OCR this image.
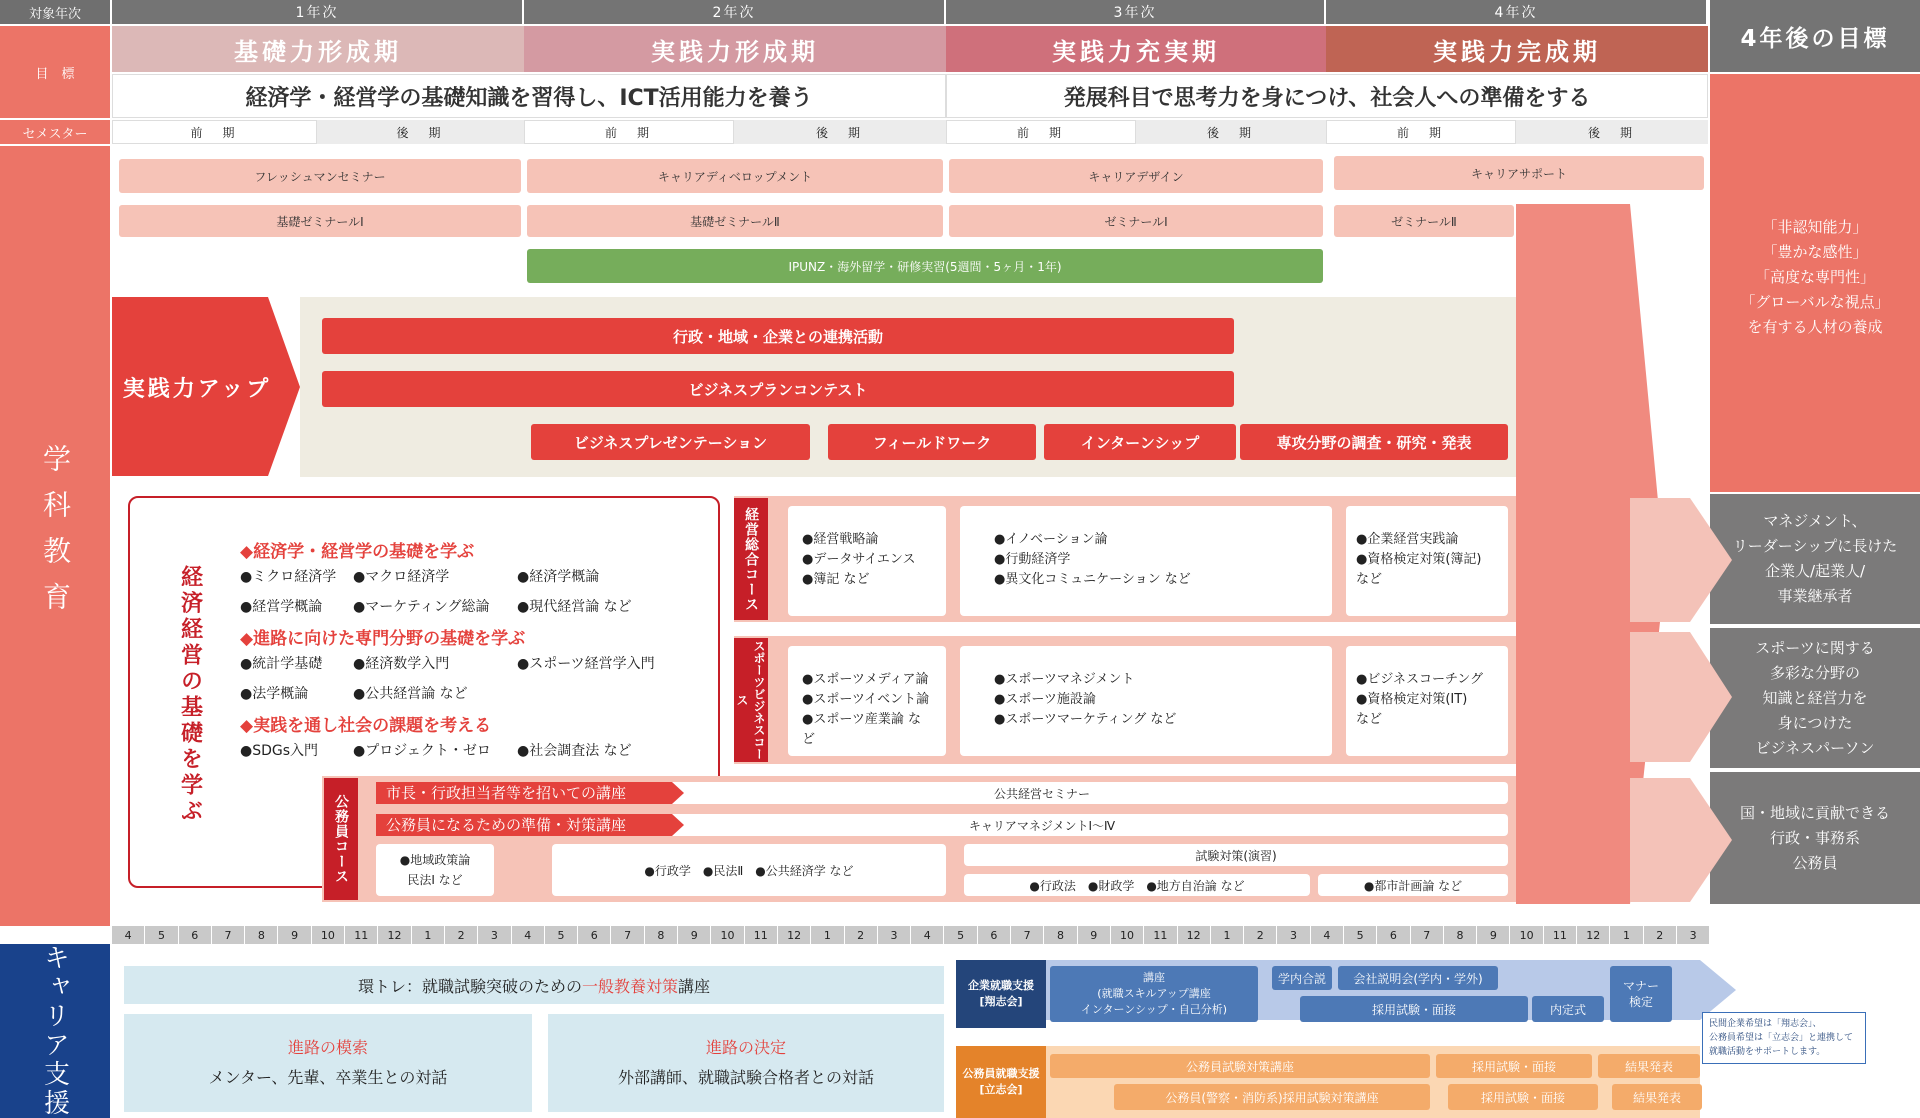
対象年次
目　標
セメスター
学科教育
キャリア支援
1年次	2年次	3年次	4年次
基礎力形成期	実践力形成期	実践力充実期	実践力完成期
経済学・経営学の基礎知識を習得し、ICT活用能力を養う	発展科目で思考力を身につけ、社会人への準備をする
前　期	後　期	前　期	後　期	前　期	後　期	前　期	後　期
4年後の目標
「非認知能力」
「豊かな感性」
「高度な専門性」
「グローバルな視点」
を有する人材の養成
マネジメント、
リーダーシップに長けた
企業人/起業人/
事業継承者
スポーツに関する
多彩な分野の
知識と経営力を
身につけた
ビジネスパーソン
国・地域に貢献できる
行政・事務系
公務員
実践力アップ
フレッシュマンセミナー	キャリアディベロップメント	キャリアデザイン	キャリアサポート
基礎ゼミナールⅠ	基礎ゼミナールⅡ	ゼミナールⅠ	ゼミナールⅡ
IPUNZ・海外留学・研修実習(5週間・5ヶ月・1年)
行政・地域・企業との連携活動
ビジネスプランコンテスト
ビジネスプレゼンテーション	フィールドワーク	インターンシップ	専攻分野の調査・研究・発表
経済経営の基礎を学ぶ
◆経済学・経営学の基礎を学ぶ
●ミクロ経済学 ●マクロ経済学	●経済学概論
●経営学概論 ●マーケティング総論 ●現代経営論 など
◆進路に向けた専門分野の基礎を学ぶ
●統計学基礎 ●経済数学入門	●スポーツ経営学入門
●法学概論	●公共経営論 など
◆実践を通し社会の課題を考える
●SDGs入門 ●プロジェクト・ゼロ ●社会調査法 など
経営総合コース	●経営戦略論
●データサイエンス
●簿記 など
●イノベーション論
●行動経済学
●異文化コミュニケーション など
●企業経営実践論
●資格検定対策(簿記)
など
スポーツビジネスコース
●スポーツメディア論
●スポーツイベント論
●スポーツ産業論 など
●スポーツマネジメント
●スポーツ施設論
●スポーツマーケティング など
●ビジネスコーチング
●資格検定対策(IT)
など
公務員コース
公共経営セミナー
市長・行政担当者等を招いての講座
キャリアマネジメントⅠ〜Ⅳ
公務員になるための準備・対策講座
●地域政策論
民法Ⅰ など
●行政学　●民法Ⅱ　●公共経済学 など
試験対策(演習)
●行政法　●財政学　●地方自治論 など	●都市計画論 など
4	5	6	7	8	9	10	11	12	1	2	3	4	5	6	7	8	9	10	11	12	1	2	3	4	5	6	7	8	9	10	11	12	1	2	3	4	5	6	7	8	9	10	11	12	1	2	3
環トレ：就職試験突破のための 一般教養対策 講座
進路の模索
メンター、先輩、卒業生との対話
進路の決定
外部講師、就職試験合格者との対話
企業就職支援
[翔志会]
講座
(就職スキルアップ講座
インターンシップ・自己分析)
学内合説	会社説明会(学内・学外)
採用試験・面接	内定式
マナー
検定
民間企業希望は「翔志会」、
公務員希望は「立志会」と連携して
就職活動をサポートします。
公務員就職支援
[立志会]
公務員試験対策講座	採用試験・面接	結果発表
公務員(警察・消防系)採用試験対策講座	採用試験・面接	結果発表
